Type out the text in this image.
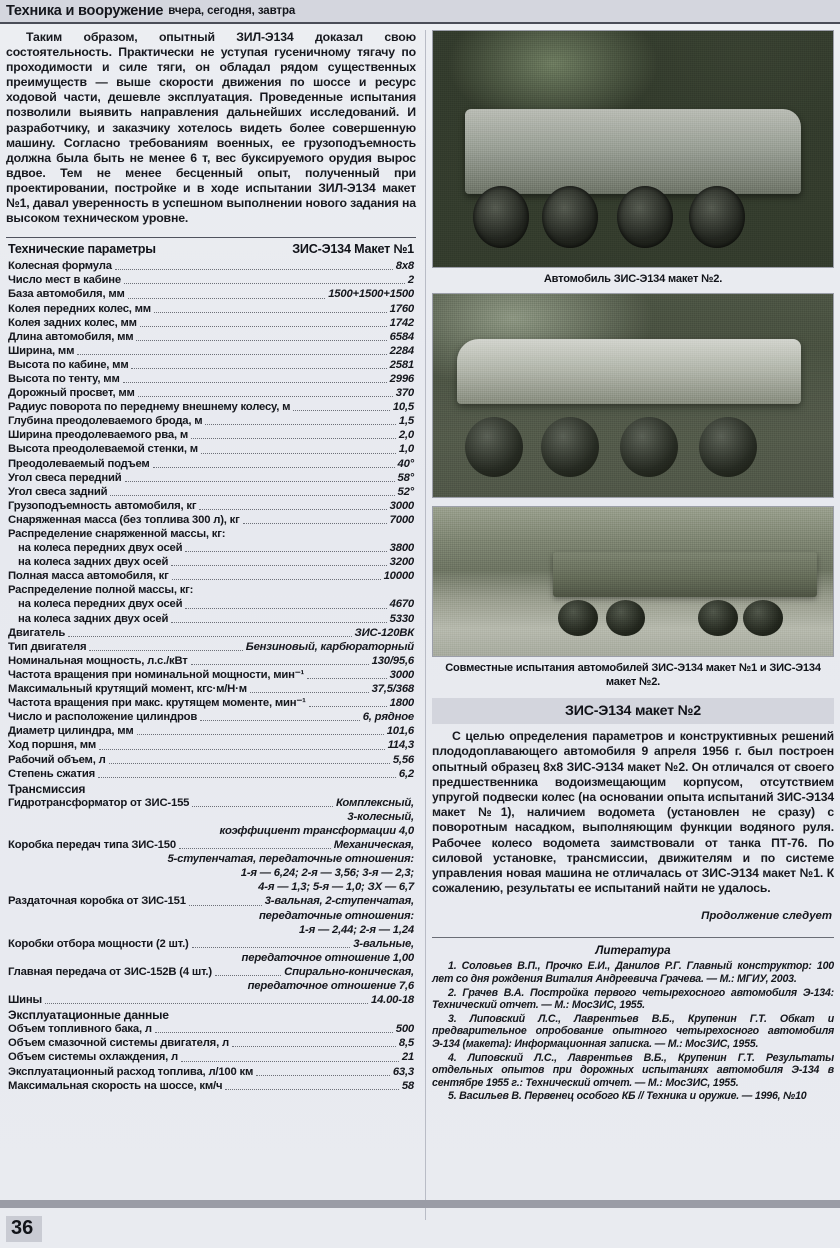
Техника и вооружение вчера, сегодня, завтра

Таким образом, опытный ЗИЛ-Э134 доказал свою состоятельность. Практически не уступая гусеничному тягачу по проходимости и силе тяги, он обладал рядом существенных преимуществ — выше скорости движения по шоссе и ресурс ходовой части, дешевле эксплуатация. Проведенные испытания позволили выявить направления дальнейших исследований. И разработчику, и заказчику хотелось видеть более совершенную машину. Согласно требованиям военных, ее грузоподъемность должна была быть не менее 6 т, вес буксируемого орудия вырос вдвое. Тем не менее бесценный опыт, полученный при проектировании, постройке и в ходе испытании ЗИЛ-Э134 макет №1, давал уверенность в успешном выполнении нового задания на высоком техническом уровне.

Технические параметры	ЗИС-Э134 Макет №1
Колесная формула	8х8
Число мест в кабине	2
База автомобиля, мм	1500+1500+1500
Колея передних колес, мм	1760
Колея задних колес, мм	1742
Длина автомобиля, мм	6584
Ширина, мм	2284
Высота по кабине, мм	2581
Высота по тенту, мм	2996
Дорожный просвет, мм	370
Радиус поворота по переднему внешнему колесу, м	10,5
Глубина преодолеваемого брода, м	1,5
Ширина преодолеваемого рва, м	2,0
Высота преодолеваемой стенки, м	1,0
Преодолеваемый подъем	40°
Угол свеса передний	58°
Угол свеса задний	52°
Грузоподъемность автомобиля, кг	3000
Снаряженная масса (без топлива 300 л), кг	7000
Распределение снаряженной массы, кг:
на колеса передних двух осей	3800
на колеса задних двух осей	3200
Полная масса автомобиля, кг	10000
Распределение полной массы, кг:
на колеса передних двух осей	4670
на колеса задних двух осей	5330
Двигатель	ЗИС-120ВК
Тип двигателя	Бензиновый, карбюраторный
Номинальная мощность, л.с./кВт	130/95,6
Частота вращения при номинальной мощности, мин⁻¹	3000
Максимальный крутящий момент, кгс·м/Н·м	37,5/368
Частота вращения при макс. крутящем моменте, мин⁻¹	1800
Число и расположение цилиндров	6, рядное
Диаметр цилиндра, мм	101,6
Ход поршня, мм	114,3
Рабочий объем, л	5,56
Степень сжатия	6,2
Трансмиссия
Гидротрансформатор от ЗИС-155	Комплексный,
3-колесный,
коэффициент трансформации 4,0
Коробка передач типа ЗИС-150	Механическая,
5-ступенчатая, передаточные отношения:
1-я — 6,24; 2-я — 3,56; 3-я — 2,3;
4-я — 1,3; 5-я — 1,0; ЗХ — 6,7
Раздаточная коробка от ЗИС-151	3-вальная, 2-ступенчатая,
передаточные отношения:
1-я — 2,44; 2-я — 1,24
Коробки отбора мощности (2 шт.)	3-вальные,
передаточное отношение 1,00
Главная передача от ЗИС-152В (4 шт.)	Спирально-коническая,
передаточное отношение 7,6
Шины	14.00-18
Эксплуатационные данные
Объем топливного бака, л	500
Объем смазочной системы двигателя, л	8,5
Объем системы охлаждения, л	21
Эксплуатационный расход топлива, л/100 км	63,3
Максимальная скорость на шоссе, км/ч	58
Автомобиль ЗИС-Э134 макет №2.
Совместные испытания автомобилей ЗИС-Э134 макет №1 и ЗИС-Э134 макет №2.
ЗИС-Э134 макет №2

С целью определения параметров и конструктивных решений плододоплавающего автомобиля 9 апреля 1956 г. был построен опытный образец 8х8 ЗИС-Э134 макет №2. Он отличался от своего предшественника водоизмещающим корпусом, отсутствием упругой подвески колес (на основании опыта испытаний ЗИС-Э134 макет №1), наличием водомета (установлен не сразу) с поворотным насадком, выполняющим функции водяного руля. Рабочее колесо водомета заимствовали от танка ПТ-76. По силовой установке, трансмиссии, движителям и по системе управления новая машина не отличалась от ЗИС-Э134 макет №1. К сожалению, результаты ее испытаний найти не удалось.

Продолжение следует
Литература

1. Соловьев В.П., Прочко Е.И., Данилов Р.Г. Главный конструктор: 100 лет со дня рождения Виталия Андреевича Грачева. — М.: МГИУ, 2003.

2. Грачев В.А. Постройка первого четырехосного автомобиля Э-134: Технический отчет. — М.: МосЗИС, 1955.

3. Липовский Л.С., Лаврентьев В.Б., Крупенин Г.Т. Обкат и предварительное опробование опытного четырехосного автомобиля Э-134 (макета): Информационная записка. — М.: МосЗИС, 1955.

4. Липовский Л.С., Лаврентьев В.Б., Крупенин Г.Т. Результаты отдельных опытов при дорожных испытаниях автомобиля Э-134 в сентябре 1955 г.: Технический отчет. — М.: МосЗИС, 1955.

5. Васильев В. Первенец особого КБ // Техника и оружие. — 1996, №10

36
